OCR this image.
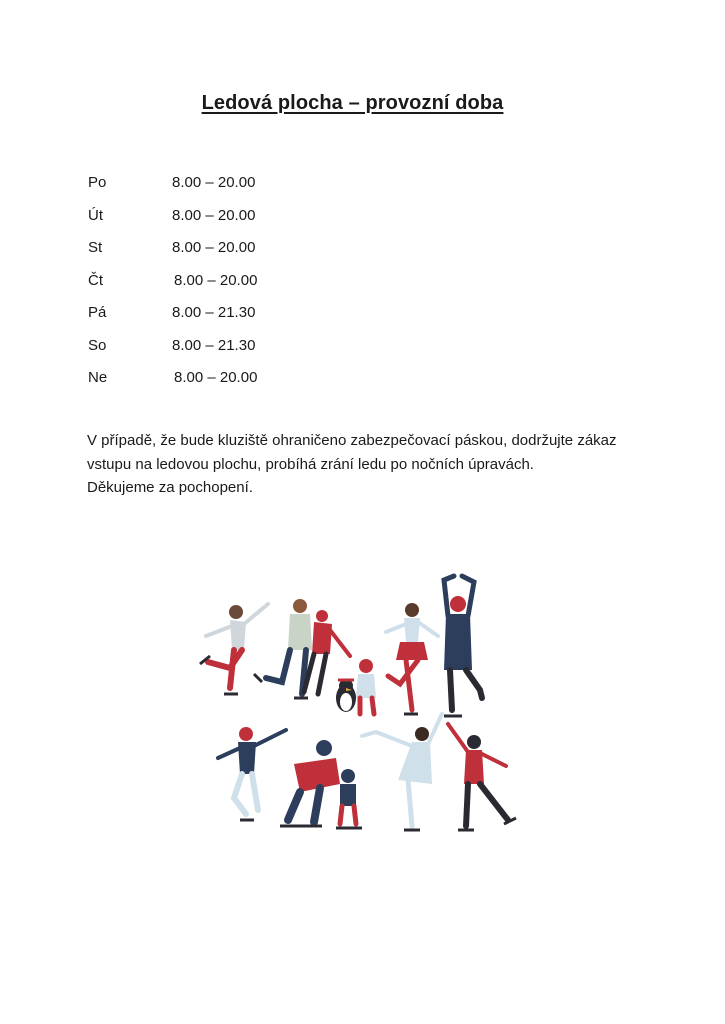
Ledová plocha – provozní doba
Po	8.00 – 20.00
Út	8.00 – 20.00
St	8.00 – 20.00
Čt	8.00 – 20.00
Pá	8.00 – 21.30
So	8.00 – 21.30
Ne	8.00 – 20.00

V případě, že bude kluziště ohraničeno zabezpečovací páskou, dodržujte zákaz

vstupu na ledovou plochu, probíhá zrání ledu po nočních úpravách.

Děkujeme za pochopení.
